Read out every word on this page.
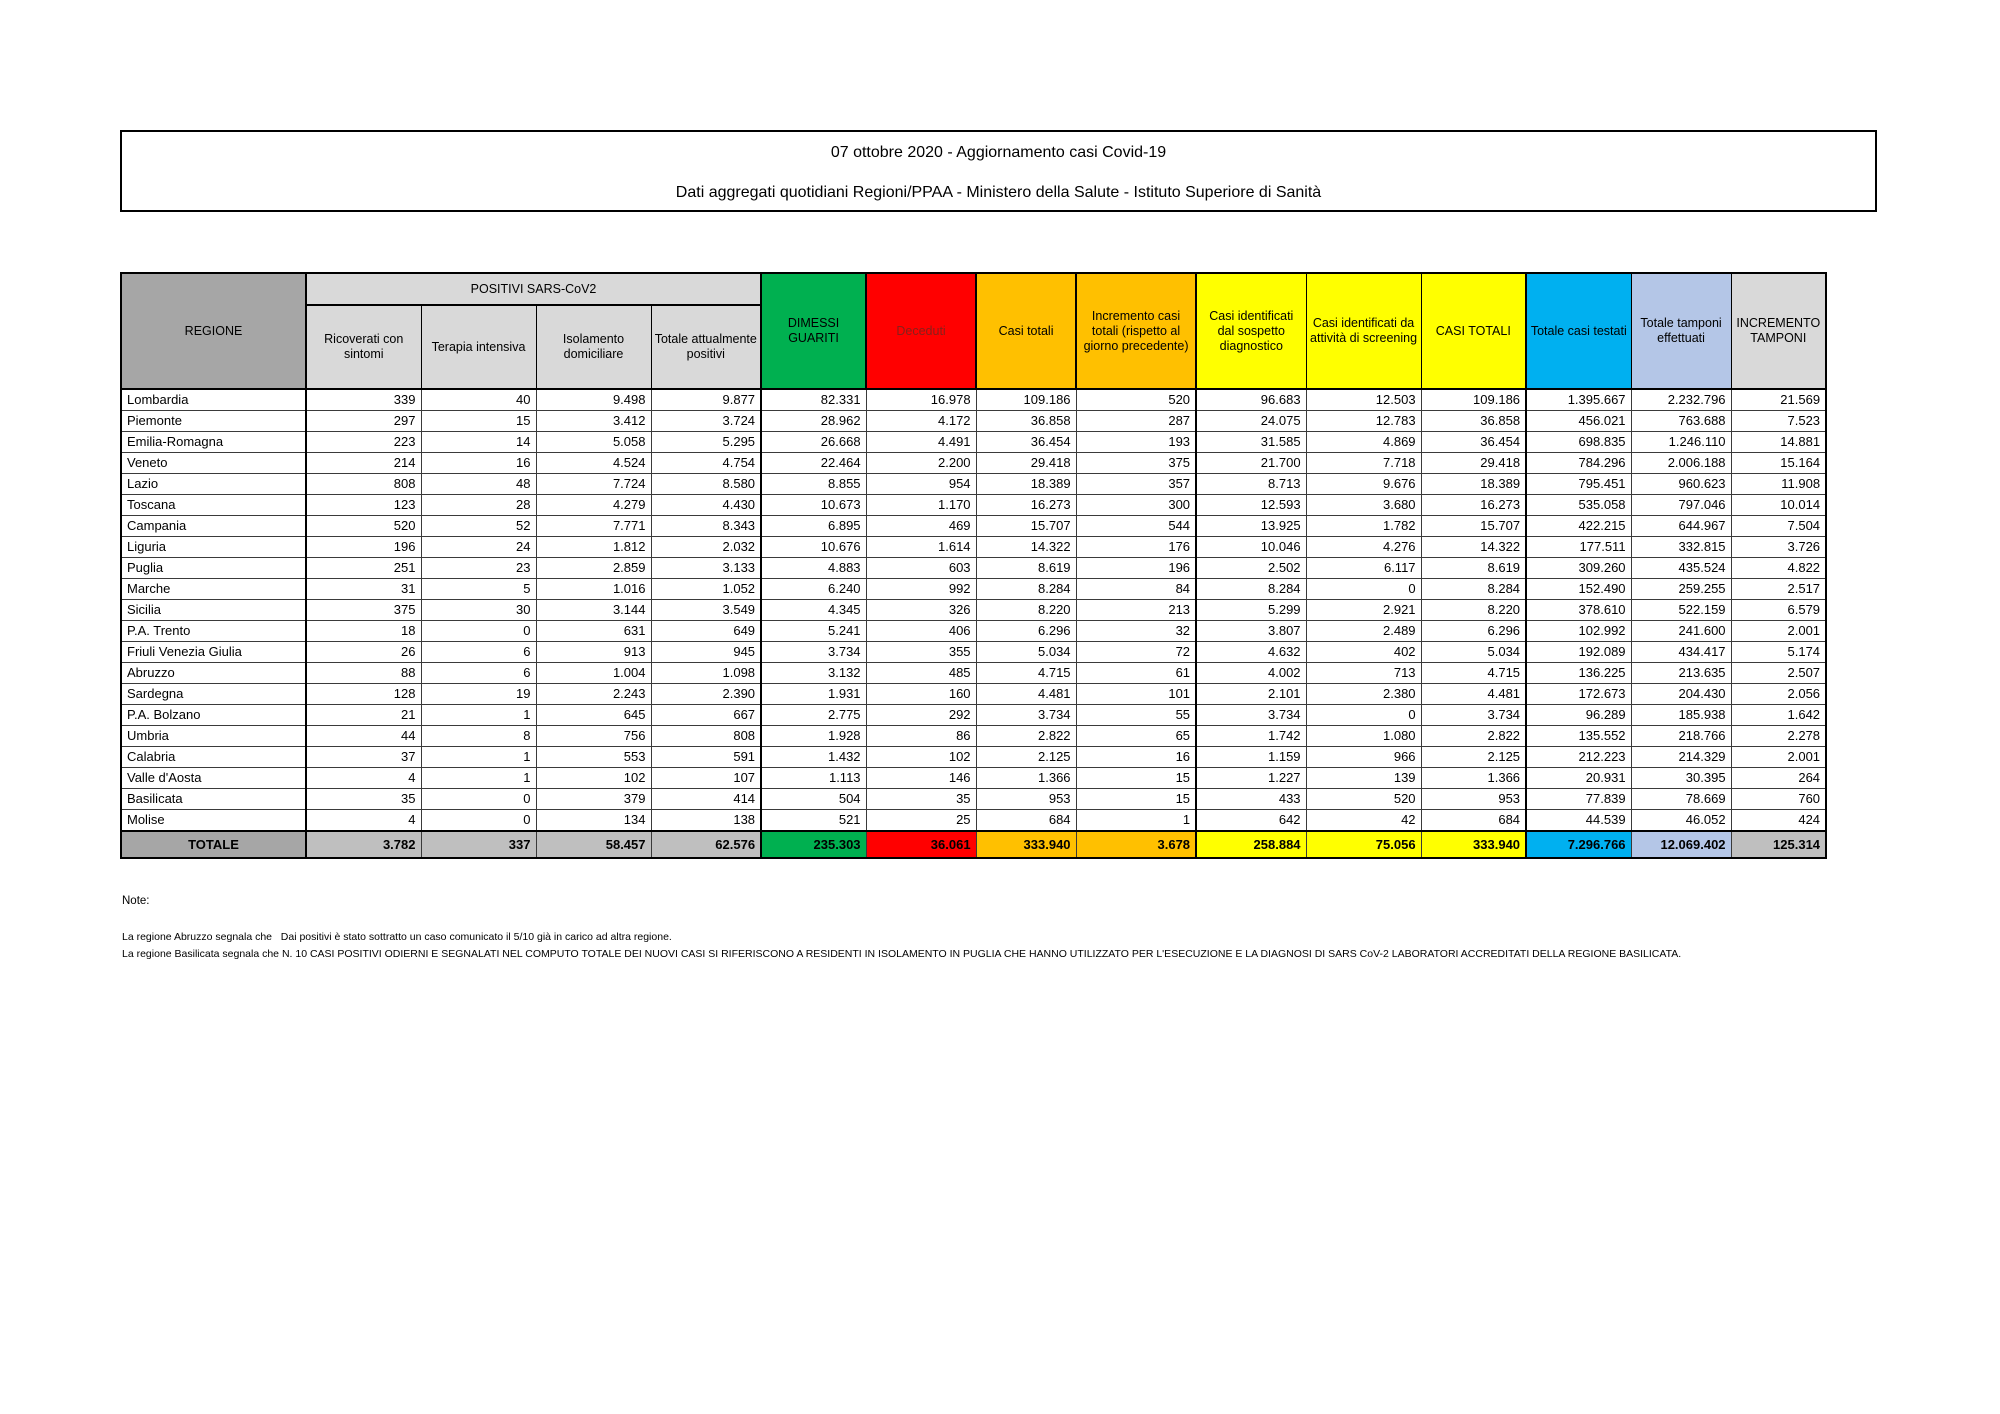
07 ottobre 2020 - Aggiornamento casi Covid-19
Dati aggregati quotidiani Regioni/PPAA - Ministero della Salute - Istituto Superiore di Sanità
REGIONE	POSITIVI SARS-CoV2				DIMESSI GUARITI	Deceduti	Casi totali	Incremento casi totali (rispetto al giorno precedente)	Casi identificati dal sospetto diagnostico	Casi identificati da attività di screening	CASI TOTALI	Totale casi testati	Totale tamponi effettuati	INCREMENTO TAMPONI
	Ricoverati con sintomi	Terapia intensiva	Isolamento domiciliare	Totale attualmente positivi										
Lombardia	339	40	9.498	9.877	82.331	16.978	109.186	520	96.683	12.503	109.186	1.395.667	2.232.796	21.569
Piemonte	297	15	3.412	3.724	28.962	4.172	36.858	287	24.075	12.783	36.858	456.021	763.688	7.523
Emilia-Romagna	223	14	5.058	5.295	26.668	4.491	36.454	193	31.585	4.869	36.454	698.835	1.246.110	14.881
Veneto	214	16	4.524	4.754	22.464	2.200	29.418	375	21.700	7.718	29.418	784.296	2.006.188	15.164
Lazio	808	48	7.724	8.580	8.855	954	18.389	357	8.713	9.676	18.389	795.451	960.623	11.908
Toscana	123	28	4.279	4.430	10.673	1.170	16.273	300	12.593	3.680	16.273	535.058	797.046	10.014
Campania	520	52	7.771	8.343	6.895	469	15.707	544	13.925	1.782	15.707	422.215	644.967	7.504
Liguria	196	24	1.812	2.032	10.676	1.614	14.322	176	10.046	4.276	14.322	177.511	332.815	3.726
Puglia	251	23	2.859	3.133	4.883	603	8.619	196	2.502	6.117	8.619	309.260	435.524	4.822
Marche	31	5	1.016	1.052	6.240	992	8.284	84	8.284	0	8.284	152.490	259.255	2.517
Sicilia	375	30	3.144	3.549	4.345	326	8.220	213	5.299	2.921	8.220	378.610	522.159	6.579
P.A. Trento	18	0	631	649	5.241	406	6.296	32	3.807	2.489	6.296	102.992	241.600	2.001
Friuli Venezia Giulia	26	6	913	945	3.734	355	5.034	72	4.632	402	5.034	192.089	434.417	5.174
Abruzzo	88	6	1.004	1.098	3.132	485	4.715	61	4.002	713	4.715	136.225	213.635	2.507
Sardegna	128	19	2.243	2.390	1.931	160	4.481	101	2.101	2.380	4.481	172.673	204.430	2.056
P.A. Bolzano	21	1	645	667	2.775	292	3.734	55	3.734	0	3.734	96.289	185.938	1.642
Umbria	44	8	756	808	1.928	86	2.822	65	1.742	1.080	2.822	135.552	218.766	2.278
Calabria	37	1	553	591	1.432	102	2.125	16	1.159	966	2.125	212.223	214.329	2.001
Valle d'Aosta	4	1	102	107	1.113	146	1.366	15	1.227	139	1.366	20.931	30.395	264
Basilicata	35	0	379	414	504	35	953	15	433	520	953	77.839	78.669	760
Molise	4	0	134	138	521	25	684	1	642	42	684	44.539	46.052	424
TOTALE	3.782	337	58.457	62.576	235.303	36.061	333.940	3.678	258.884	75.056	333.940	7.296.766	12.069.402	125.314
Note:
La regione Abruzzo segnala che   Dai positivi è stato sottratto un caso comunicato il 5/10 già in carico ad altra regione.
La regione Basilicata segnala che N. 10 CASI POSITIVI ODIERNI E SEGNALATI NEL COMPUTO TOTALE DEI NUOVI CASI SI RIFERISCONO A RESIDENTI IN ISOLAMENTO IN PUGLIA CHE HANNO UTILIZZATO PER L'ESECUZIONE E LA DIAGNOSI DI SARS CoV-2 LABORATORI ACCREDITATI DELLA REGIONE BASILICATA.
